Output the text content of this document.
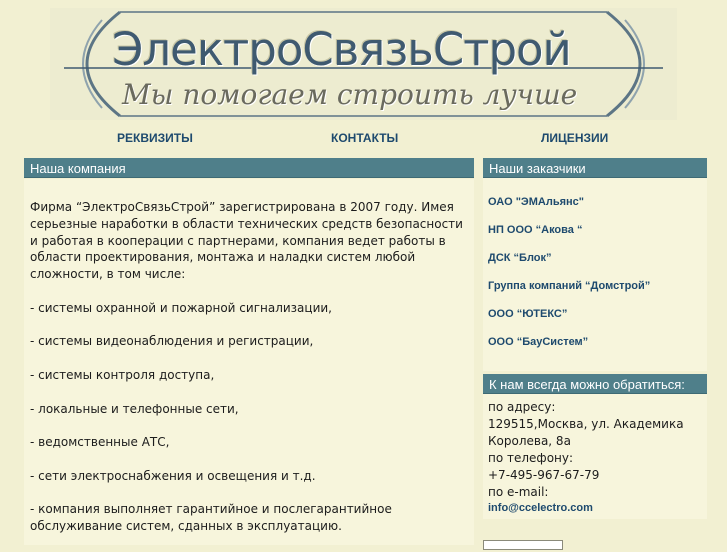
ЭлектроСвязьСтрой
Мы помогаем строить лучше
РЕКВИЗИТЫ	КОНТАКТЫ	ЛИЦЕНЗИИ
Наша компания

Фирма “ЭлектроСвязьСтрой” зарегистрирована в 2007 году. Имея серьезные наработки в области технических средств безопасности и работая в кооперации с партнерами, компания ведет работы в области проектирования, монтажа и наладки систем любой сложности, в том числе:

- системы охранной и пожарной сигнализации,

- системы видеонаблюдения и регистрации,

- системы контроля доступа,

- локальные и телефонные сети,

- ведомственные АТС,

- сети электроснабжения и освещения и т.д.

- компания выполняет гарантийное и послегарантийное обслуживание систем, сданных в эксплуатацию.

Наши заказчики
ОАО "ЭМАльянс"
НП ООО “Акова “
ДСК “Блок”
Группа компаний “Домстрой”
ООО “ЮТЕКС”
ООО “БауСистем”
К нам всегда можно обратиться:
по адресу:
129515,Москва, ул. Академика
Королева, 8а
по телефону:
+7-495-967-67-79
по e-mail:
info@ccelectro.com
